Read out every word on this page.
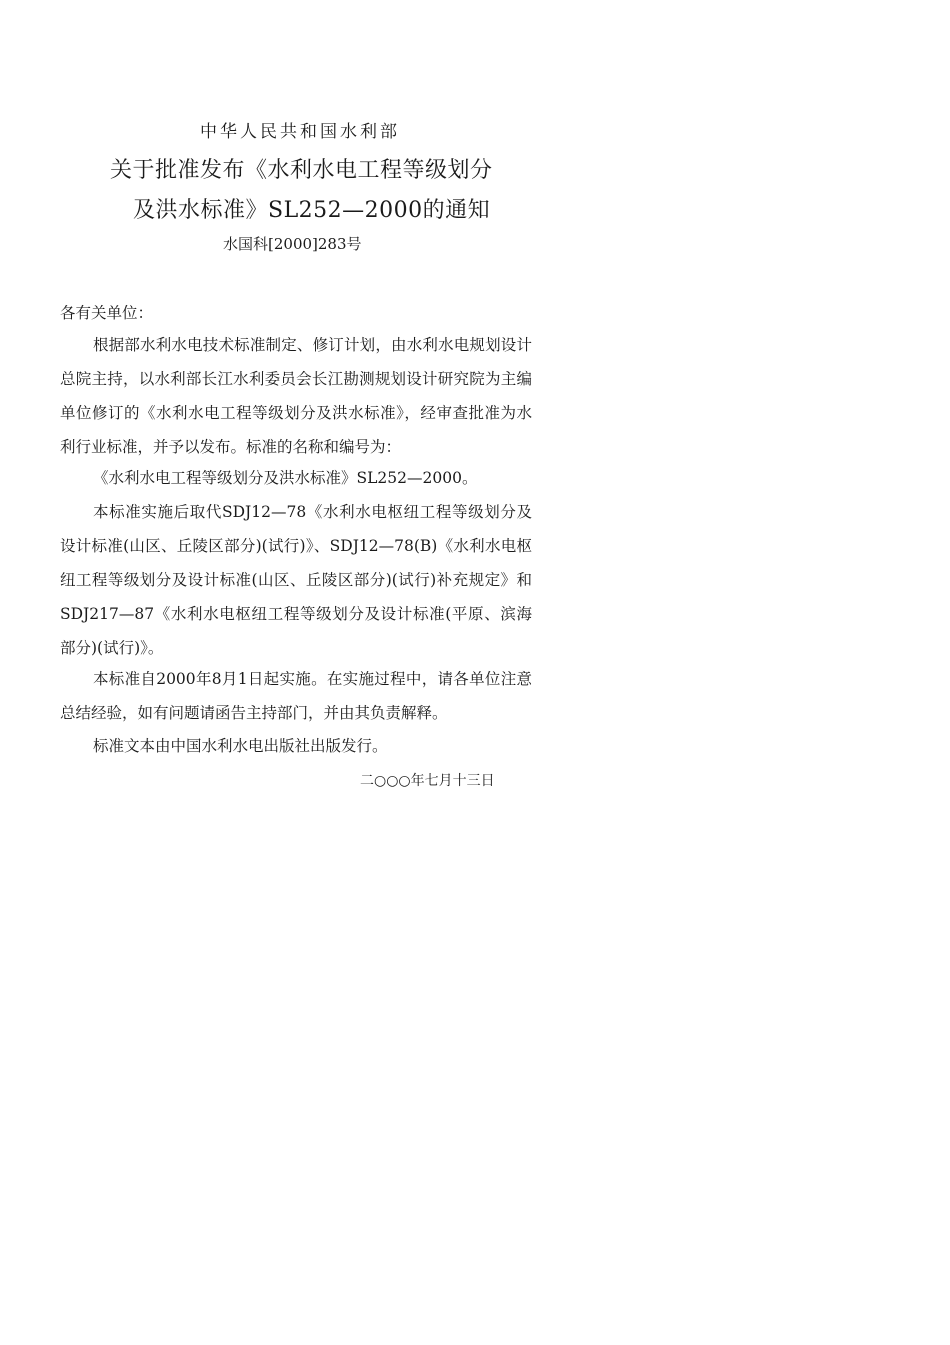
中华人民共和国水利部
关于批准发布《水利水电工程等级划分
及洪水标准》SL252—2000的通知
水国科[2000]283号
各有关单位：

根据部水利水电技术标准制定、修订计划，由水利水电规划设计总院主持，以水利部长江水利委员会长江勘测规划设计研究院为主编单位修订的《水利水电工程等级划分及洪水标准》，经审查批准为水利行业标准，并予以发布。标准的名称和编号为：

《水利水电工程等级划分及洪水标准》SL252—2000。

本标准实施后取代SDJ12—78《水利水电枢纽工程等级划分及设计标准(山区、丘陵区部分)(试行)》、SDJ12—78(B)《水利水电枢纽工程等级划分及设计标准(山区、丘陵区部分)(试行)补充规定》和SDJ217—87《水利水电枢纽工程等级划分及设计标准(平原、滨海部分)(试行)》。

本标准自2000年8月1日起实施。在实施过程中，请各单位注意总结经验，如有问题请函告主持部门，并由其负责解释。

标准文本由中国水利水电出版社出版发行。

二○○○年七月十三日
